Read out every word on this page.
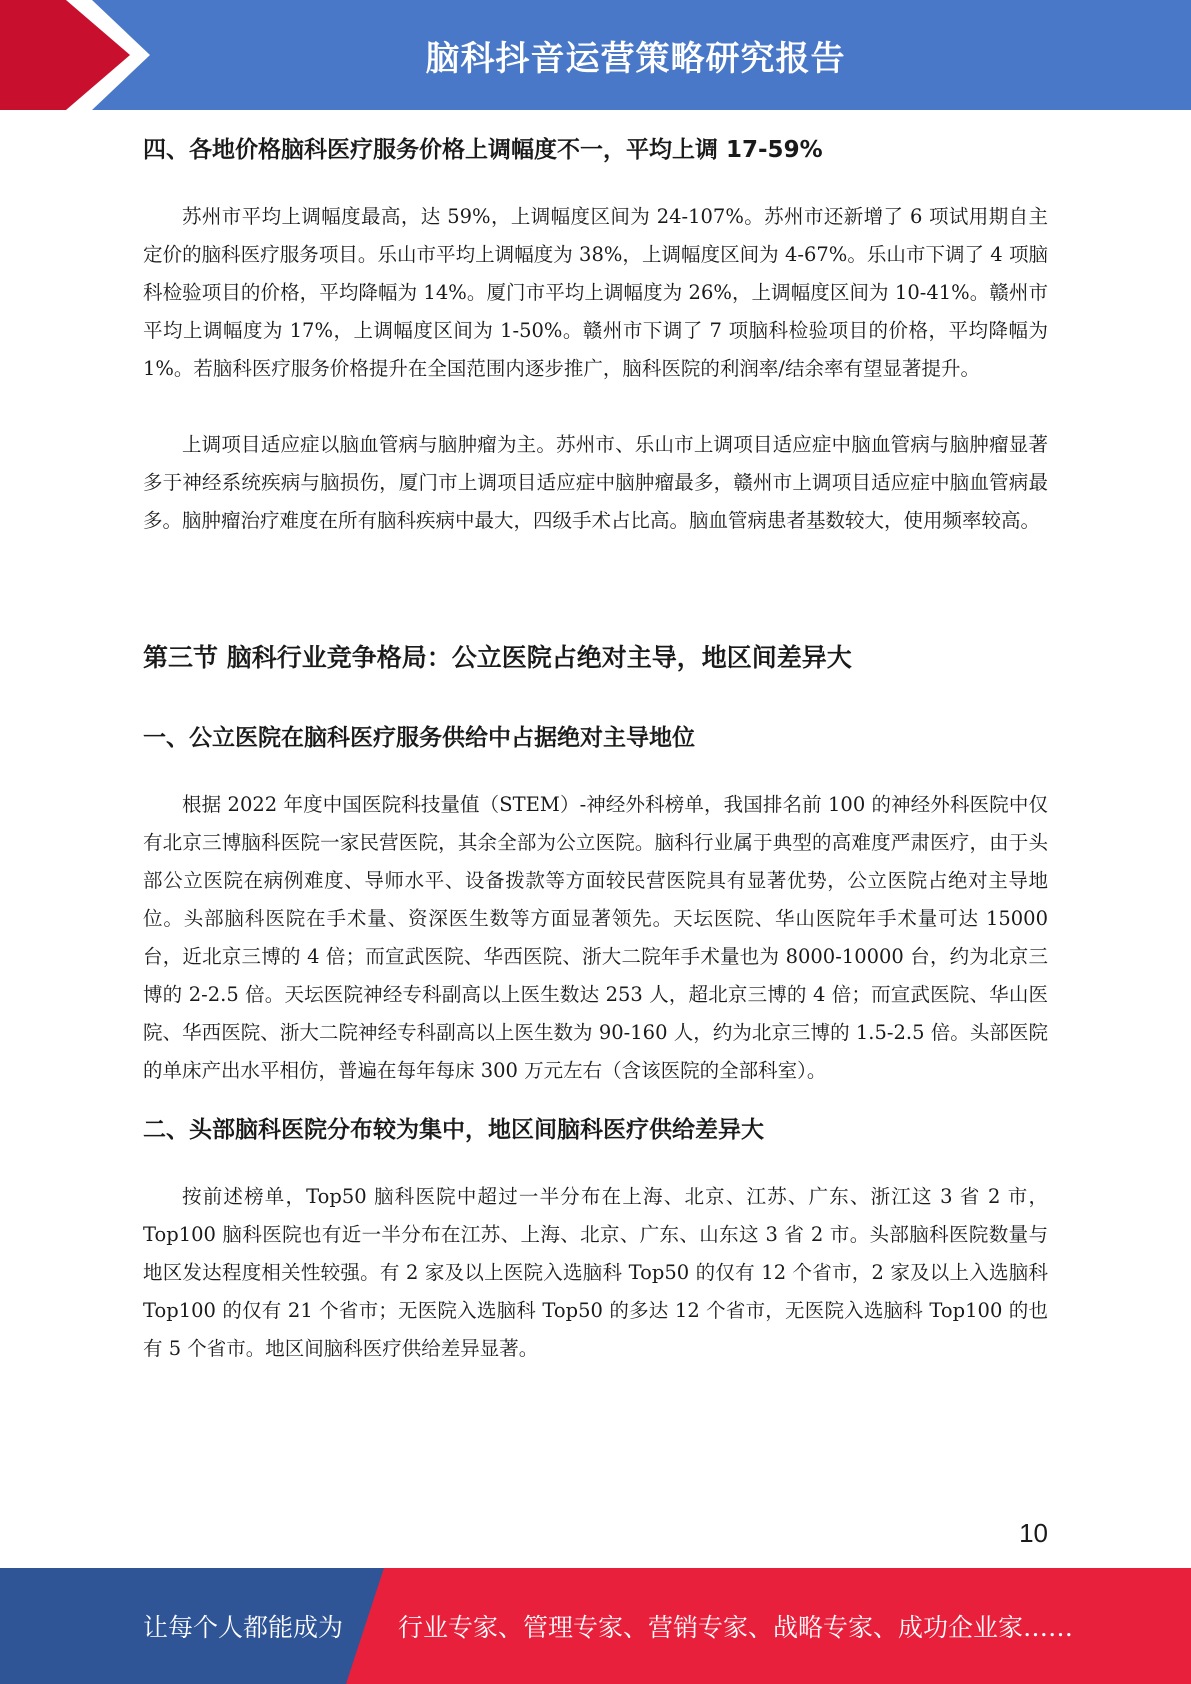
脑科抖音运营策略研究报告
四、各地价格脑科医疗服务价格上调幅度不一，平均上调 17-59%

苏州市平均上调幅度最高，达 59%，上调幅度区间为 24-107%。苏州市还新增了 6 项试用期自主定价的脑科医疗服务项目。乐山市平均上调幅度为 38%，上调幅度区间为 4-67%。乐山市下调了 4 项脑科检验项目的价格，平均降幅为 14%。厦门市平均上调幅度为 26%，上调幅度区间为 10-41%。赣州市平均上调幅度为 17%，上调幅度区间为 1-50%。赣州市下调了 7 项脑科检验项目的价格，平均降幅为 1%。若脑科医疗服务价格提升在全国范围内逐步推广，脑科医院的利润率/结余率有望显著提升。

上调项目适应症以脑血管病与脑肿瘤为主。苏州市、乐山市上调项目适应症中脑血管病与脑肿瘤显著多于神经系统疾病与脑损伤，厦门市上调项目适应症中脑肿瘤最多，赣州市上调项目适应症中脑血管病最多。脑肿瘤治疗难度在所有脑科疾病中最大，四级手术占比高。脑血管病患者基数较大，使用频率较高。

第三节 脑科行业竞争格局：公立医院占绝对主导，地区间差异大
一、公立医院在脑科医疗服务供给中占据绝对主导地位

根据 2022 年度中国医院科技量值（STEM）-神经外科榜单，我国排名前 100 的神经外科医院中仅有北京三博脑科医院一家民营医院，其余全部为公立医院。脑科行业属于典型的高难度严肃医疗，由于头部公立医院在病例难度、导师水平、设备拨款等方面较民营医院具有显著优势，公立医院占绝对主导地位。头部脑科医院在手术量、资深医生数等方面显著领先。天坛医院、华山医院年手术量可达 15000 台，近北京三博的 4 倍；而宣武医院、华西医院、浙大二院年手术量也为 8000-10000 台，约为北京三博的 2-2.5 倍。天坛医院神经专科副高以上医生数达 253 人，超北京三博的 4 倍；而宣武医院、华山医院、华西医院、浙大二院神经专科副高以上医生数为 90-160 人，约为北京三博的 1.5-2.5 倍。头部医院的单床产出水平相仿，普遍在每年每床 300 万元左右（含该医院的全部科室）。

二、头部脑科医院分布较为集中，地区间脑科医疗供给差异大

按前述榜单，Top50 脑科医院中超过一半分布在上海、北京、江苏、广东、浙江这 3 省 2 市，Top100 脑科医院也有近一半分布在江苏、上海、北京、广东、山东这 3 省 2 市。头部脑科医院数量与地区发达程度相关性较强。有 2 家及以上医院入选脑科 Top50 的仅有 12 个省市，2 家及以上入选脑科 Top100 的仅有 21 个省市；无医院入选脑科 Top50 的多达 12 个省市，无医院入选脑科 Top100 的也有 5 个省市。地区间脑科医疗供给差异显著。

10
让每个人都能成为 行业专家、管理专家、营销专家、战略专家、成功企业家……
